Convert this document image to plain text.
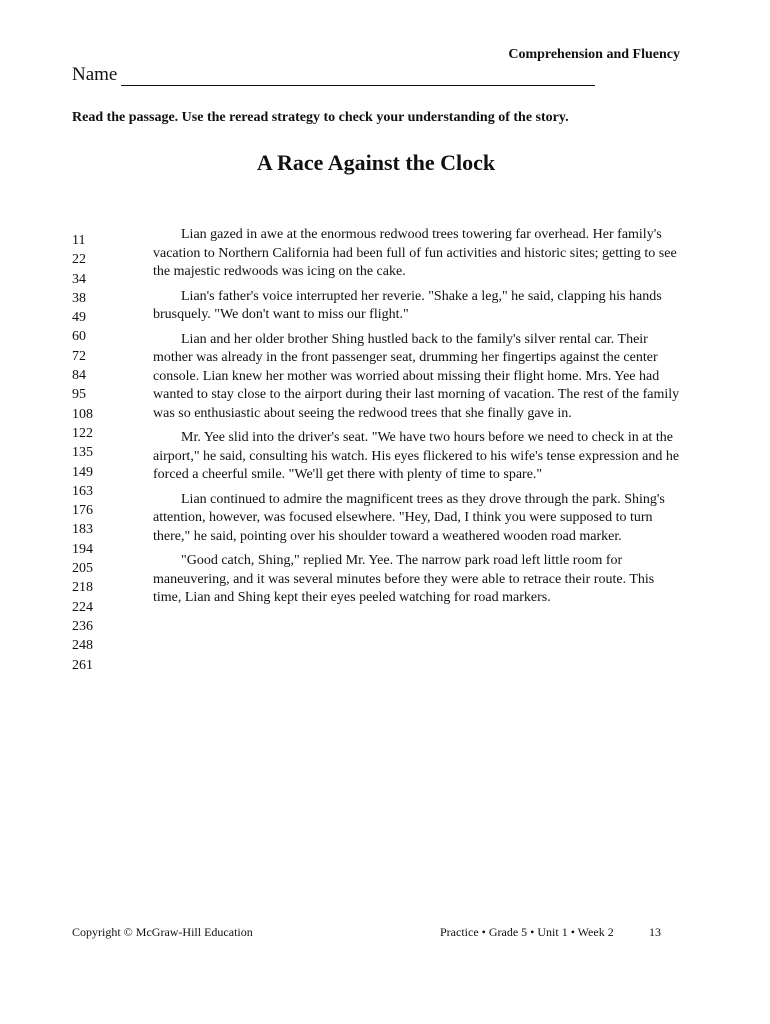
Comprehension and Fluency
Name
Read the passage. Use the reread strategy to check your understanding of the story.
A Race Against the Clock
11
22
34
38
49
60
72
84
95
108
122
135
149
163
176
183
194
205
218
224
236
248
261

Lian gazed in awe at the enormous redwood trees towering far overhead. Her family's vacation to Northern California had been full of fun activities and historic sites; getting to see the majestic redwoods was icing on the cake.

Lian's father's voice interrupted her reverie. "Shake a leg," he said, clapping his hands brusquely. "We don't want to miss our flight."

Lian and her older brother Shing hustled back to the family's silver rental car. Their mother was already in the front passenger seat, drumming her fingertips against the center console. Lian knew her mother was worried about missing their flight home. Mrs. Yee had wanted to stay close to the airport during their last morning of vacation. The rest of the family was so enthusiastic about seeing the redwood trees that she finally gave in.

Mr. Yee slid into the driver's seat. "We have two hours before we need to check in at the airport," he said, consulting his watch. His eyes flickered to his wife's tense expression and he forced a cheerful smile. "We'll get there with plenty of time to spare."

Lian continued to admire the magnificent trees as they drove through the park. Shing's attention, however, was focused elsewhere. "Hey, Dad, I think you were supposed to turn there," he said, pointing over his shoulder toward a weathered wooden road marker.

"Good catch, Shing," replied Mr. Yee. The narrow park road left little room for maneuvering, and it was several minutes before they were able to retrace their route. This time, Lian and Shing kept their eyes peeled watching for road markers.

Copyright © McGraw-Hill Education	Practice • Grade 5 • Unit 1 • Week 2	13
